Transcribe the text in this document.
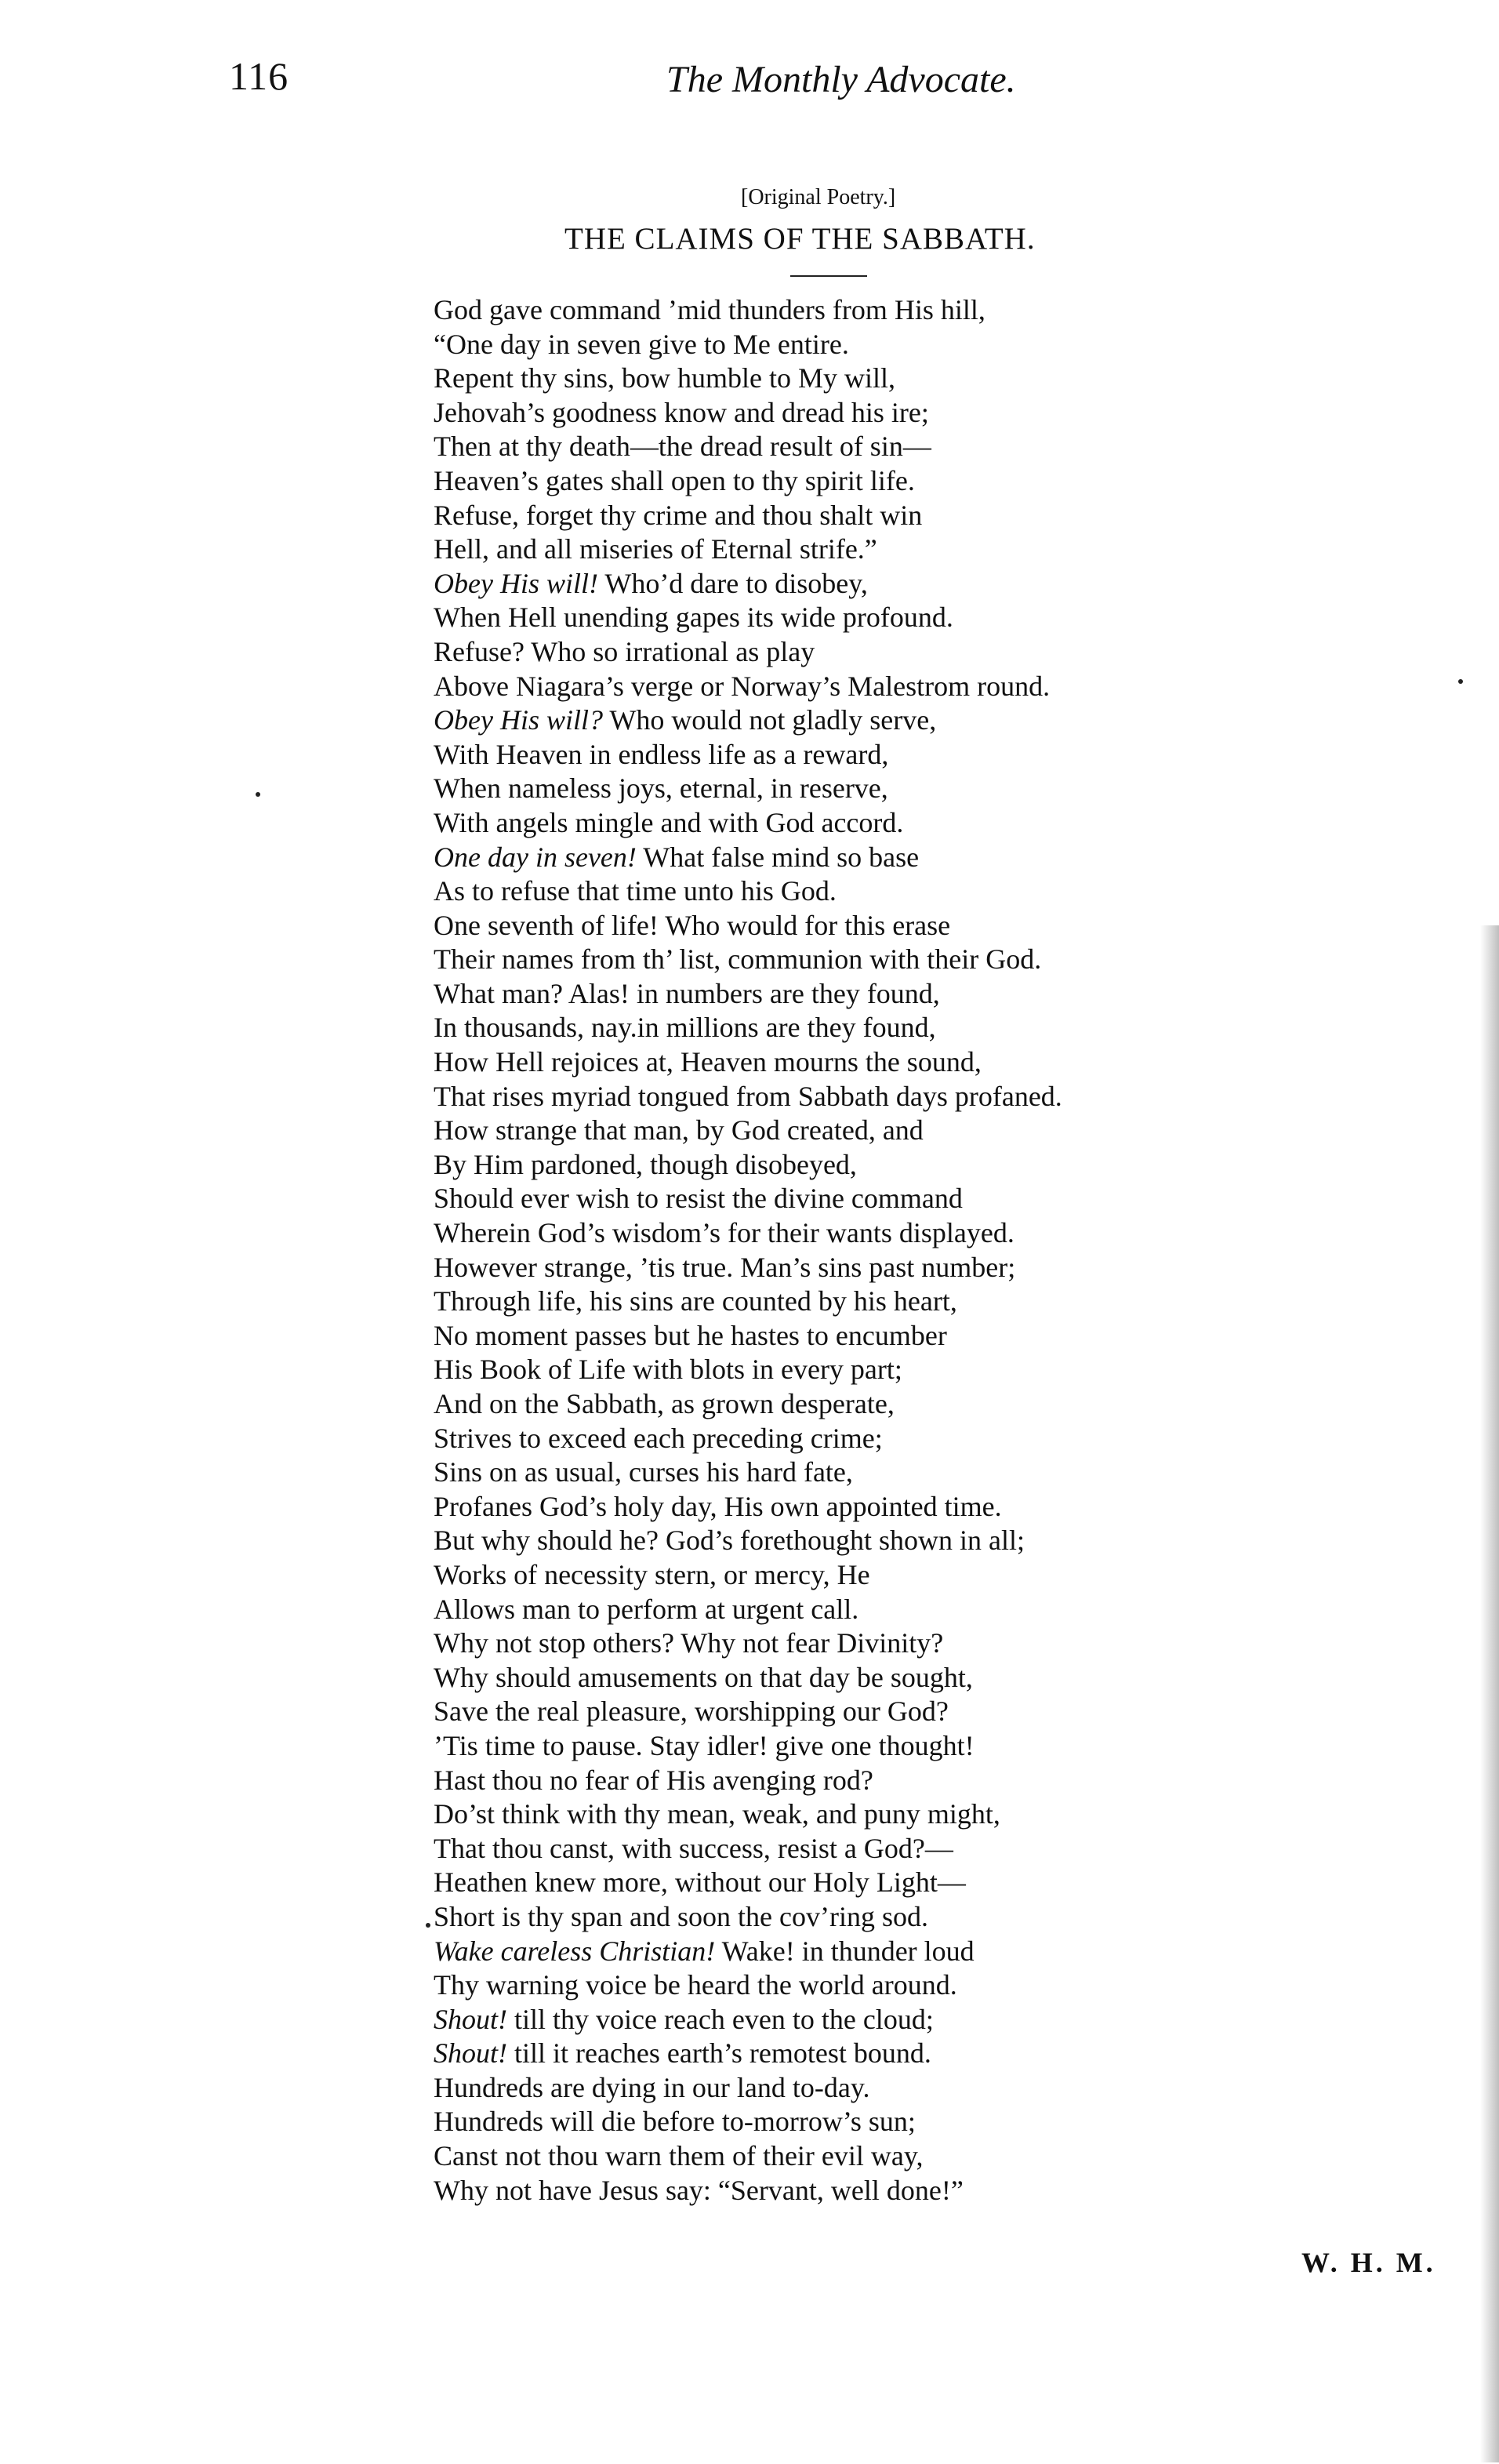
116	The Monthly Advocate.
[Original Poetry.]
THE CLAIMS OF THE SABBATH.
God gave command ’mid thunders from His hill,
“One day in seven give to Me entire.
Repent thy sins, bow humble to My will,
Jehovah’s goodness know and dread his ire;
Then at thy death—the dread result of sin—
Heaven’s gates shall open to thy spirit life.
Refuse, forget thy crime and thou shalt win
Hell, and all miseries of Eternal strife.”
Obey His will! Who’d dare to disobey,
When Hell unending gapes its wide profound.
Refuse? Who so irrational as play
Above Niagara’s verge or Norway’s Malestrom round.
Obey His will? Who would not gladly serve,
With Heaven in endless life as a reward,
When nameless joys, eternal, in reserve,
With angels mingle and with God accord.
One day in seven! What false mind so base
As to refuse that time unto his God.
One seventh of life! Who would for this erase
Their names from th’ list, communion with their God.
What man? Alas! in numbers are they found,
In thousands, nay.in millions are they found,
How Hell rejoices at, Heaven mourns the sound,
That rises myriad tongued from Sabbath days profaned.
How strange that man, by God created, and
By Him pardoned, though disobeyed,
Should ever wish to resist the divine command
Wherein God’s wisdom’s for their wants displayed.
However strange, ’tis true. Man’s sins past number;
Through life, his sins are counted by his heart,
No moment passes but he hastes to encumber
His Book of Life with blots in every part;
And on the Sabbath, as grown desperate,
Strives to exceed each preceding crime;
Sins on as usual, curses his hard fate,
Profanes God’s holy day, His own appointed time.
But why should he? God’s forethought shown in all;
Works of necessity stern, or mercy, He
Allows man to perform at urgent call.
Why not stop others? Why not fear Divinity?
Why should amusements on that day be sought,
Save the real pleasure, worshipping our God?
’Tis time to pause. Stay idler! give one thought!
Hast thou no fear of His avenging rod?
Do’st think with thy mean, weak, and puny might,
That thou canst, with success, resist a God?—
Heathen knew more, without our Holy Light—
Short is thy span and soon the cov’ring sod.
Wake careless Christian! Wake! in thunder loud
Thy warning voice be heard the world around.
Shout! till thy voice reach even to the cloud;
Shout! till it reaches earth’s remotest bound.
Hundreds are dying in our land to-day.
Hundreds will die before to-morrow’s sun;
Canst not thou warn them of their evil way,
Why not have Jesus say: “Servant, well done!”
W. H. M.
